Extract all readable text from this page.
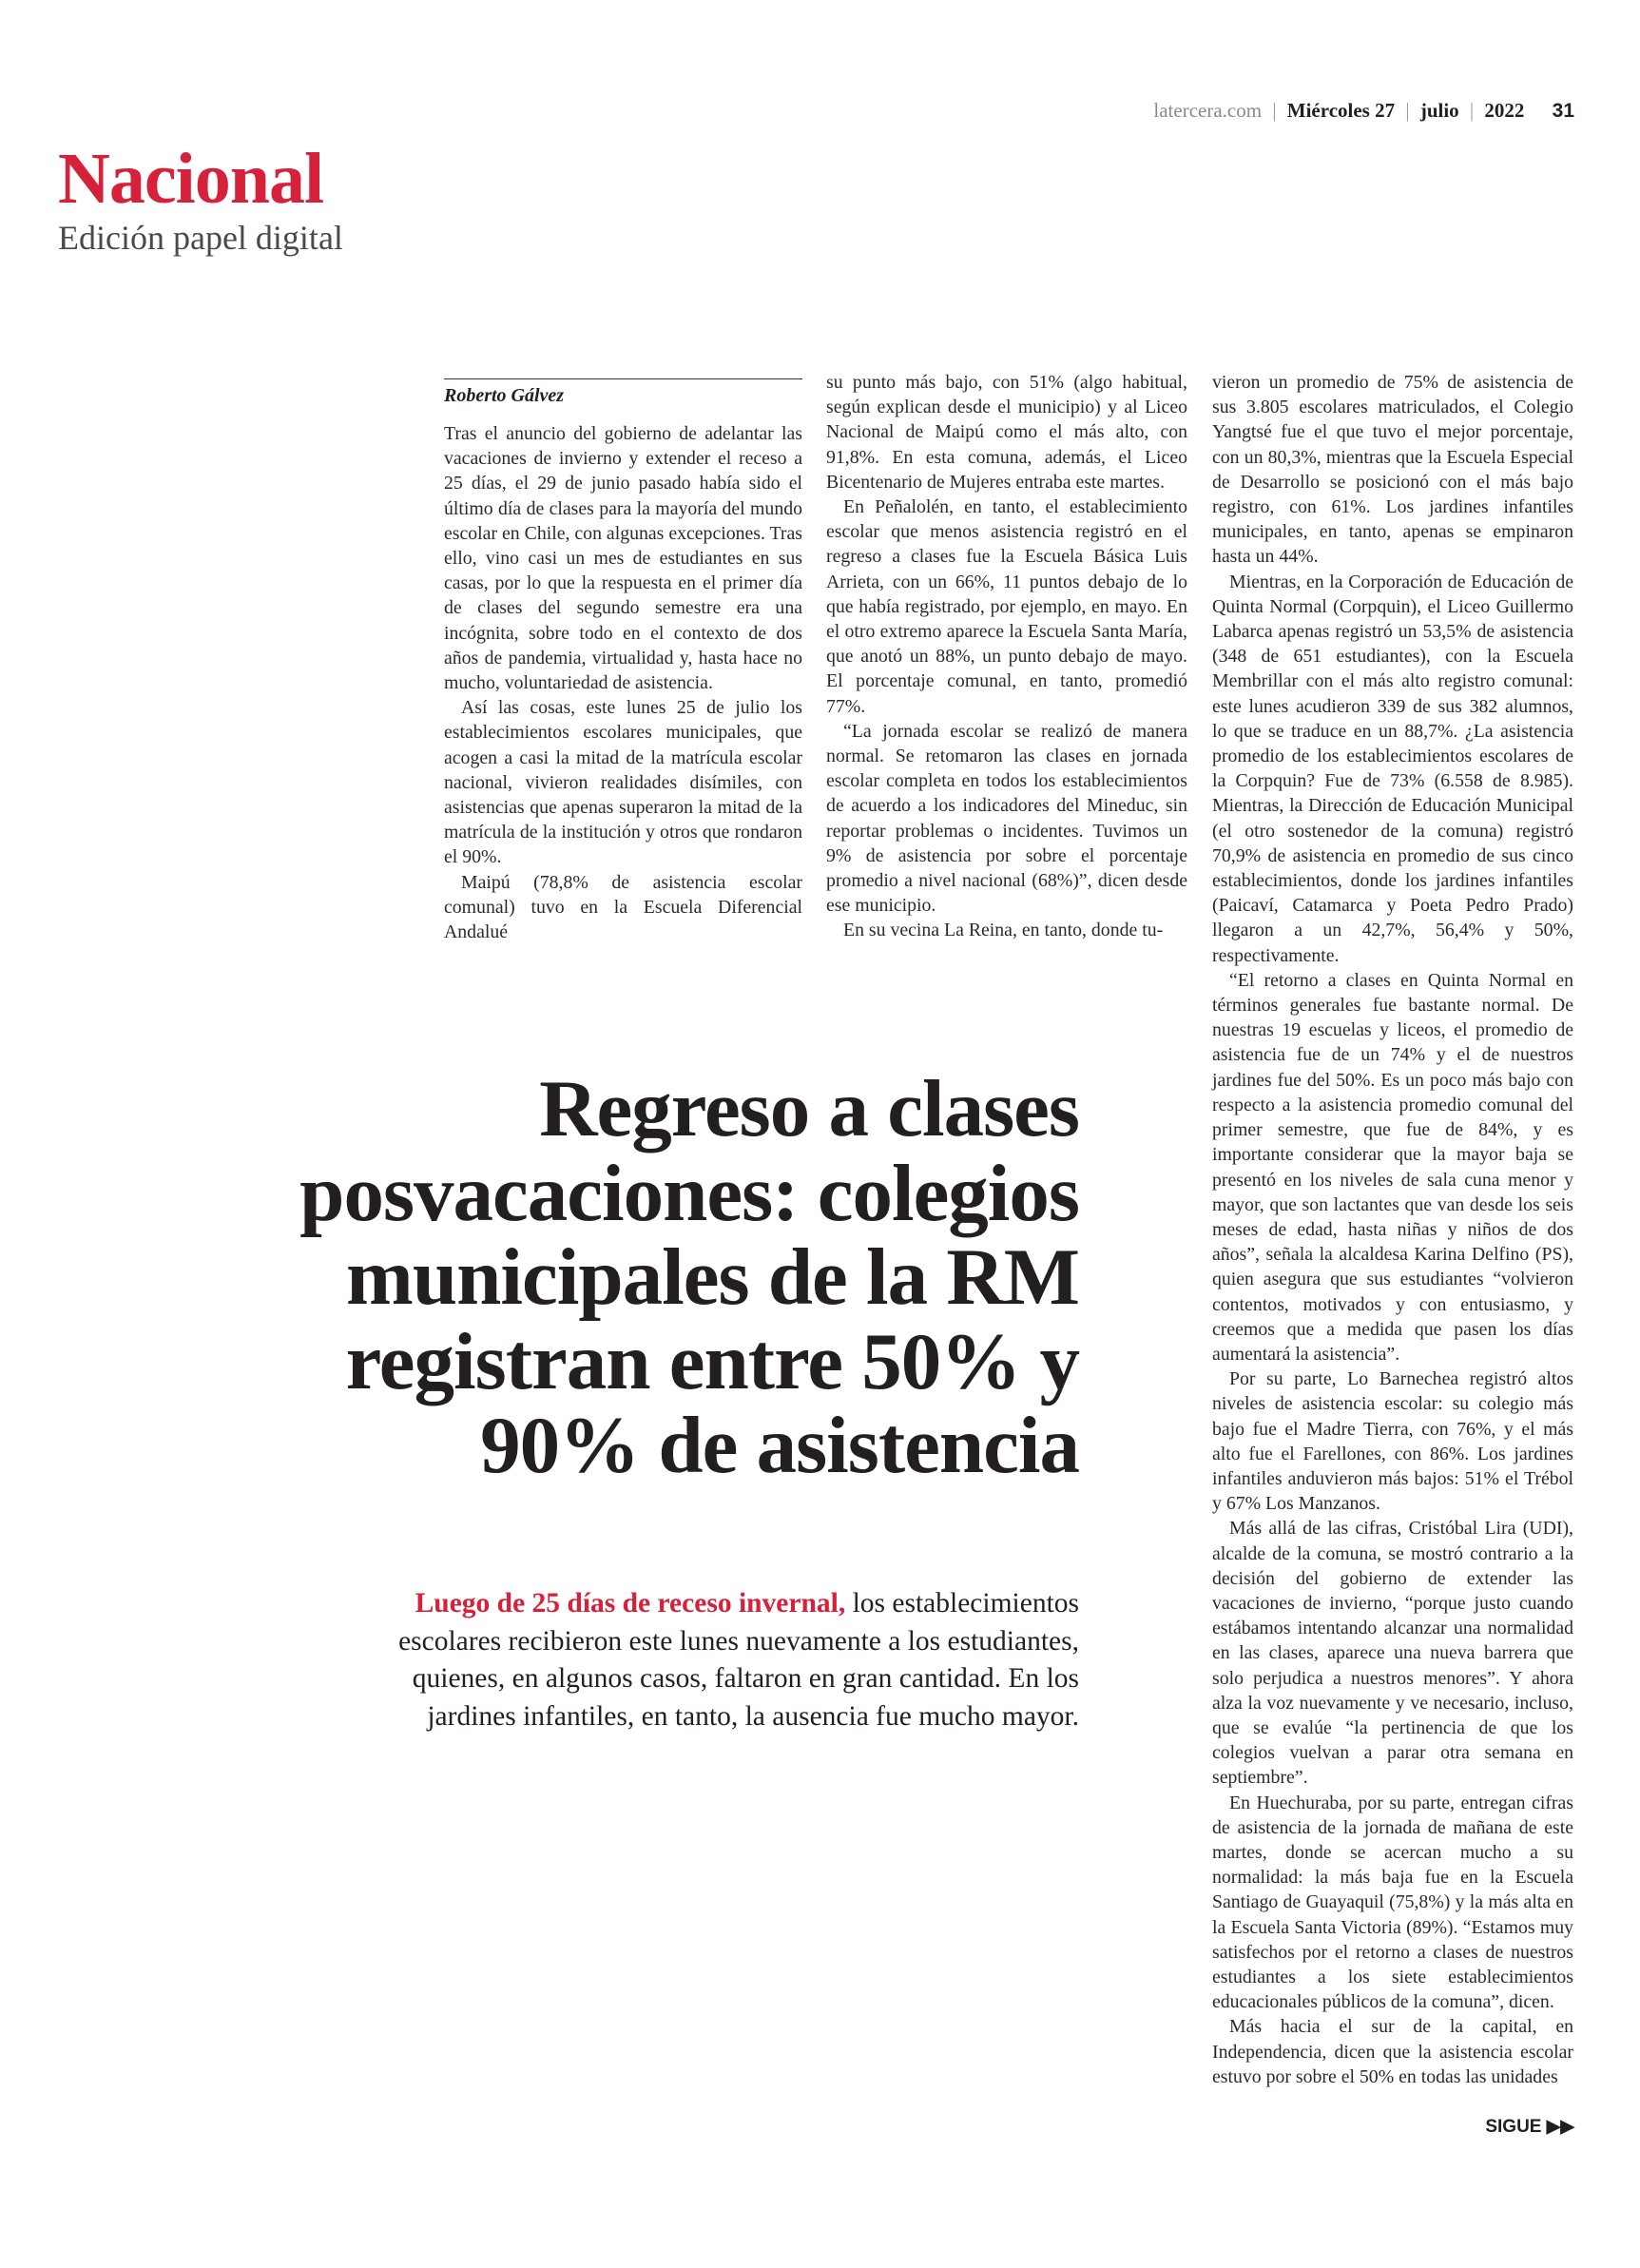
latercera.com | Miércoles 27 | julio | 2022 31
Nacional
Edición papel digital
Roberto Gálvez

Tras el anuncio del gobierno de adelantar las vacaciones de invierno y extender el receso a 25 días, el 29 de junio pasado había sido el último día de clases para la mayoría del mundo escolar en Chile, con algunas excepciones. Tras ello, vino casi un mes de estudiantes en sus casas, por lo que la respuesta en el primer día de clases del segundo semestre era una incógnita, sobre todo en el contexto de dos años de pandemia, virtualidad y, hasta hace no mucho, voluntariedad de asistencia.

Así las cosas, este lunes 25 de julio los establecimientos escolares municipales, que acogen a casi la mitad de la matrícula escolar nacional, vivieron realidades disímiles, con asistencias que apenas superaron la mitad de la matrícula de la institución y otros que rondaron el 90%.

Maipú (78,8% de asistencia escolar comunal) tuvo en la Escuela Diferencial Andalué

su punto más bajo, con 51% (algo habitual, según explican desde el municipio) y al Liceo Nacional de Maipú como el más alto, con 91,8%. En esta comuna, además, el Liceo Bicentenario de Mujeres entraba este martes.

En Peñalolén, en tanto, el establecimiento escolar que menos asistencia registró en el regreso a clases fue la Escuela Básica Luis Arrieta, con un 66%, 11 puntos debajo de lo que había registrado, por ejemplo, en mayo. En el otro extremo aparece la Escuela Santa María, que anotó un 88%, un punto debajo de mayo. El porcentaje comunal, en tanto, promedió 77%.

“La jornada escolar se realizó de manera normal. Se retomaron las clases en jornada escolar completa en todos los establecimientos de acuerdo a los indicadores del Mineduc, sin reportar problemas o incidentes. Tuvimos un 9% de asistencia por sobre el porcentaje promedio a nivel nacional (68%)”, dicen desde ese municipio.

En su vecina La Reina, en tanto, donde tu-

vieron un promedio de 75% de asistencia de sus 3.805 escolares matriculados, el Colegio Yangtsé fue el que tuvo el mejor porcentaje, con un 80,3%, mientras que la Escuela Especial de Desarrollo se posicionó con el más bajo registro, con 61%. Los jardines infantiles municipales, en tanto, apenas se empinaron hasta un 44%.

Mientras, en la Corporación de Educación de Quinta Normal (Corpquin), el Liceo Guillermo Labarca apenas registró un 53,5% de asistencia (348 de 651 estudiantes), con la Escuela Membrillar con el más alto registro comunal: este lunes acudieron 339 de sus 382 alumnos, lo que se traduce en un 88,7%. ¿La asistencia promedio de los establecimientos escolares de la Corpquin? Fue de 73% (6.558 de 8.985). Mientras, la Dirección de Educación Municipal (el otro sostenedor de la comuna) registró 70,9% de asistencia en promedio de sus cinco establecimientos, donde los jardines infantiles (Paicaví, Catamarca y Poeta Pedro Prado) llegaron a un 42,7%, 56,4% y 50%, respectivamente.

“El retorno a clases en Quinta Normal en términos generales fue bastante normal. De nuestras 19 escuelas y liceos, el promedio de asistencia fue de un 74% y el de nuestros jardines fue del 50%. Es un poco más bajo con respecto a la asistencia promedio comunal del primer semestre, que fue de 84%, y es importante considerar que la mayor baja se presentó en los niveles de sala cuna menor y mayor, que son lactantes que van desde los seis meses de edad, hasta niñas y niños de dos años”, señala la alcaldesa Karina Delfino (PS), quien asegura que sus estudiantes “volvieron contentos, motivados y con entusiasmo, y creemos que a medida que pasen los días aumentará la asistencia”.

Por su parte, Lo Barnechea registró altos niveles de asistencia escolar: su colegio más bajo fue el Madre Tierra, con 76%, y el más alto fue el Farellones, con 86%. Los jardines infantiles anduvieron más bajos: 51% el Trébol y 67% Los Manzanos.

Más allá de las cifras, Cristóbal Lira (UDI), alcalde de la comuna, se mostró contrario a la decisión del gobierno de extender las vacaciones de invierno, “porque justo cuando estábamos intentando alcanzar una normalidad en las clases, aparece una nueva barrera que solo perjudica a nuestros menores”. Y ahora alza la voz nuevamente y ve necesario, incluso, que se evalúe “la pertinencia de que los colegios vuelvan a parar otra semana en septiembre”.

En Huechuraba, por su parte, entregan cifras de asistencia de la jornada de mañana de este martes, donde se acercan mucho a su normalidad: la más baja fue en la Escuela Santiago de Guayaquil (75,8%) y la más alta en la Escuela Santa Victoria (89%). “Estamos muy satisfechos por el retorno a clases de nuestros estudiantes a los siete establecimientos educacionales públicos de la comuna”, dicen.

Más hacia el sur de la capital, en Independencia, dicen que la asistencia escolar estuvo por sobre el 50% en todas las unidades

Regreso a clases posvacaciones: colegios municipales de la RM registran entre 50% y 90% de asistencia
Luego de 25 días de receso invernal, los establecimientos escolares recibieron este lunes nuevamente a los estudiantes, quienes, en algunos casos, faltaron en gran cantidad. En los jardines infantiles, en tanto, la ausencia fue mucho mayor.
SIGUE ▶▶
